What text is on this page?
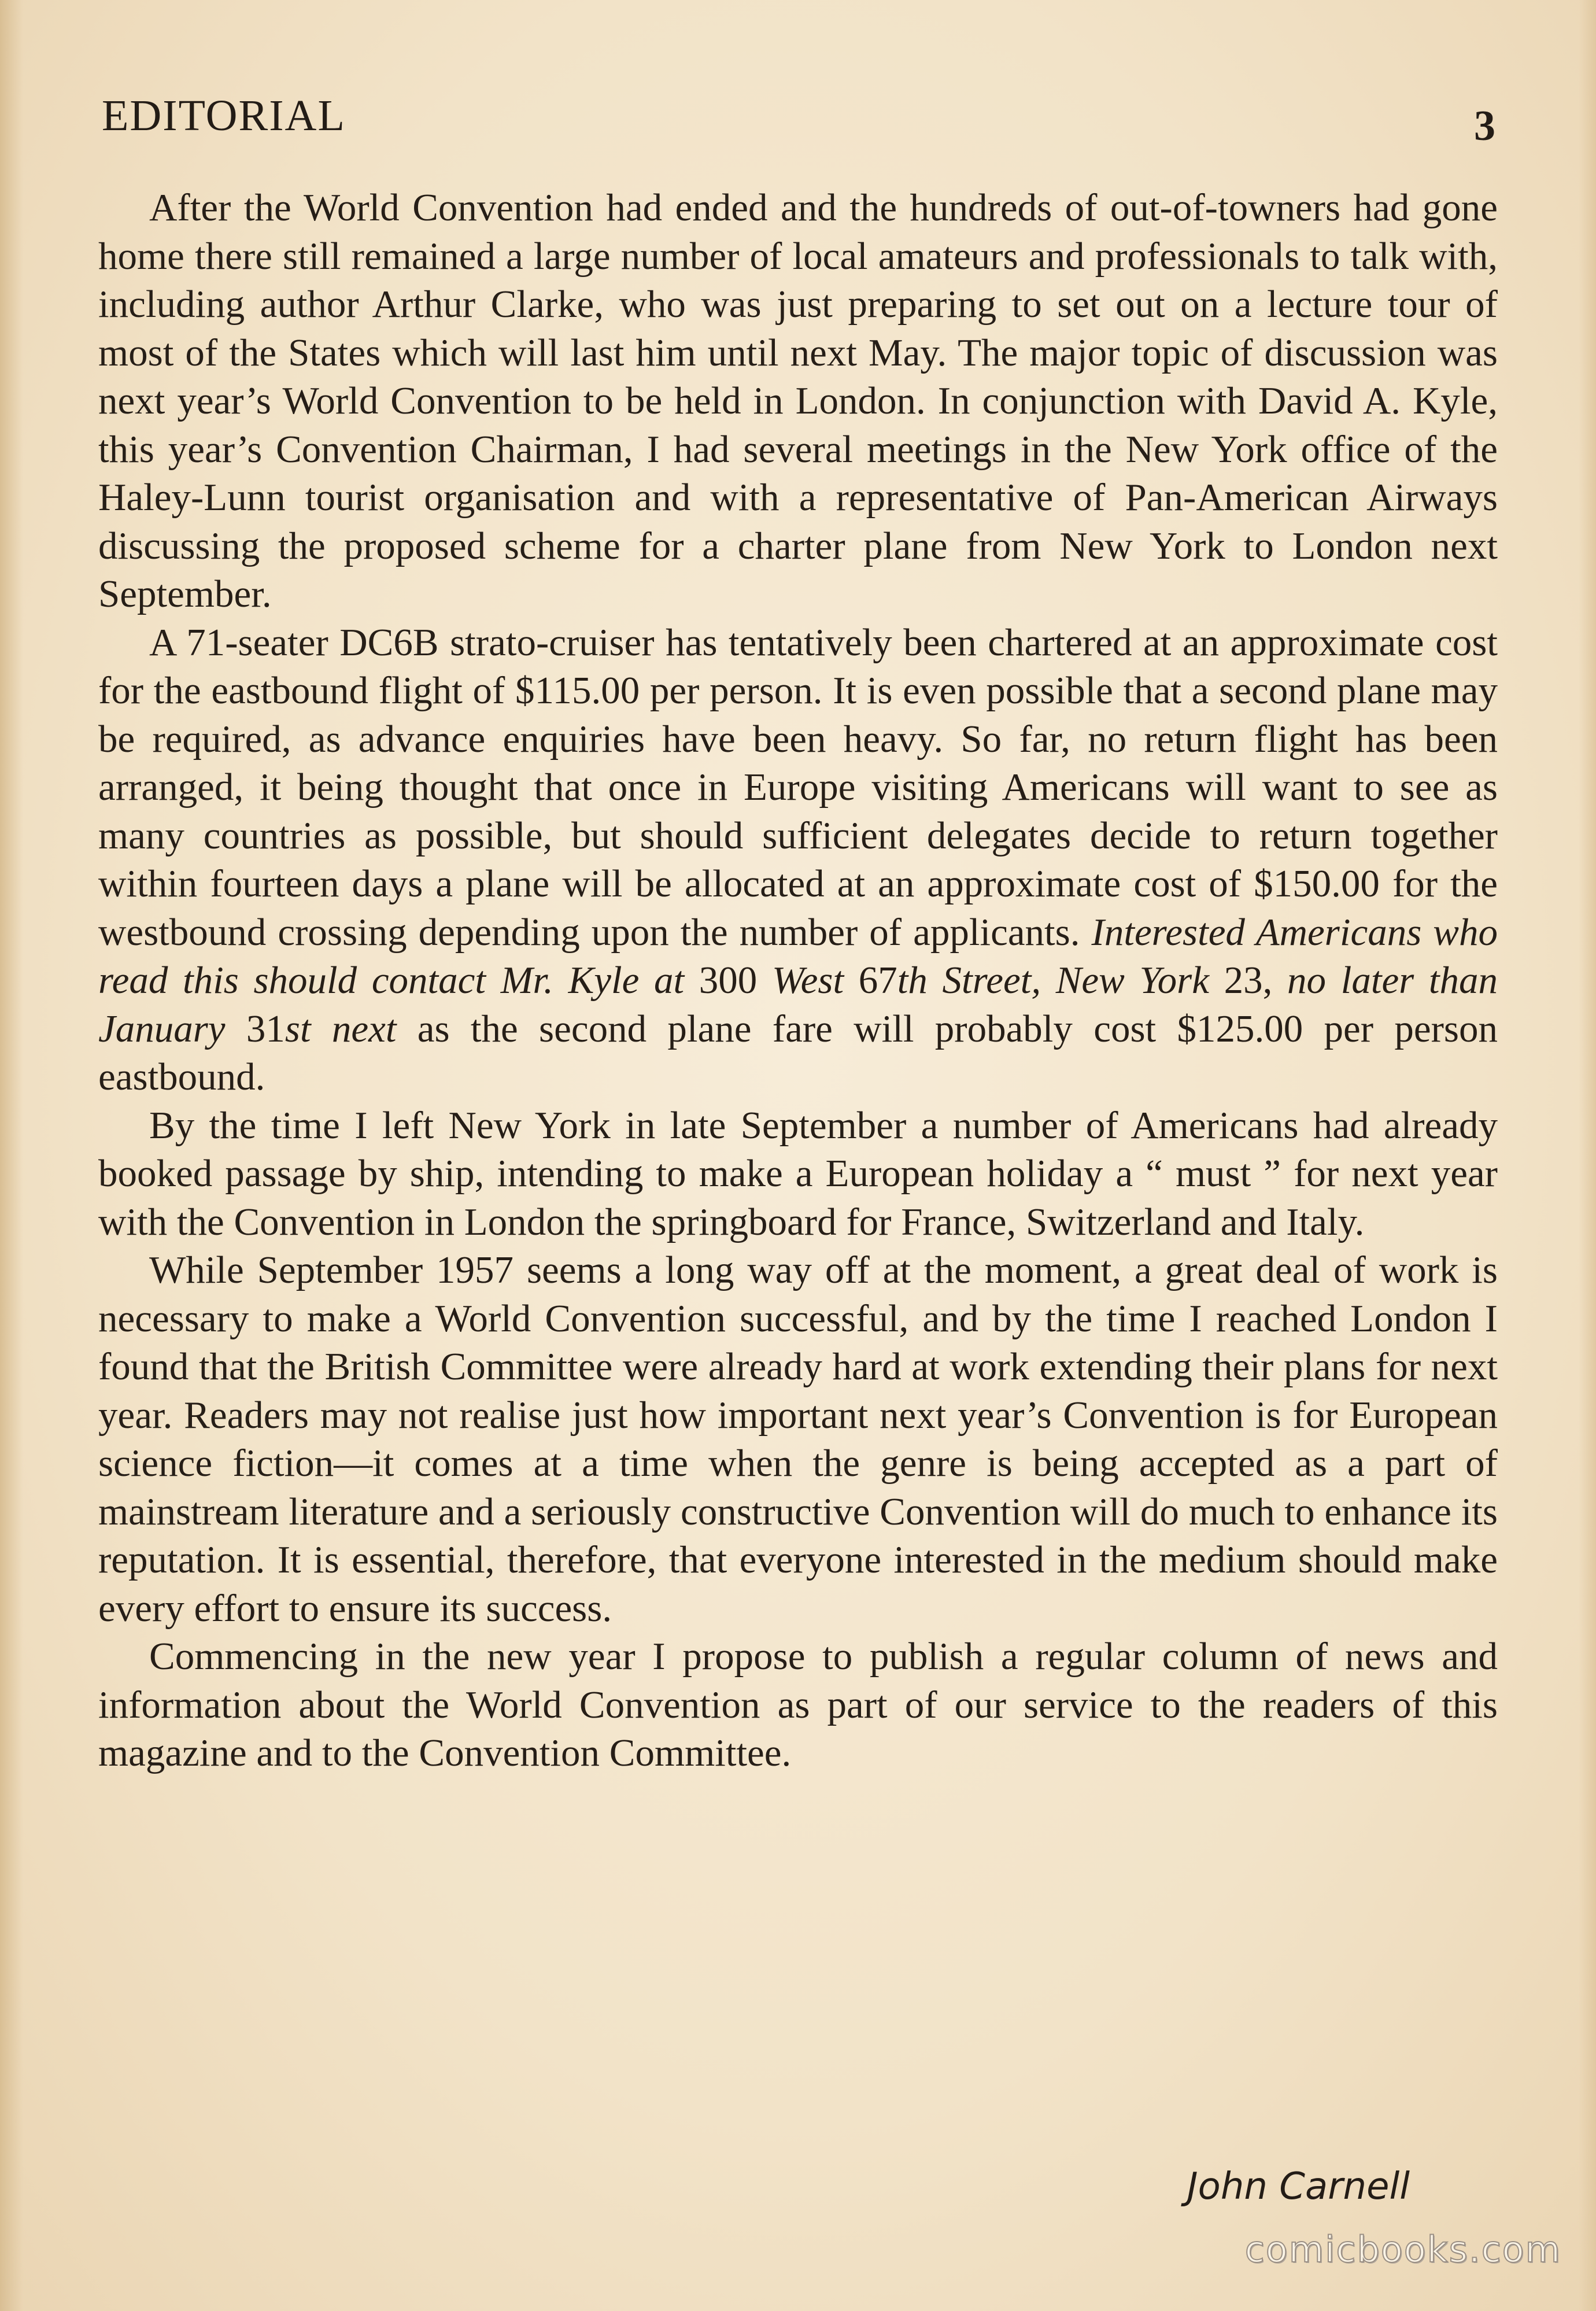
EDITORIAL	3

After the World Convention had ended and the hundreds of out-of-towners had gone home there still remained a large number of local amateurs and professionals to talk with, including author Arthur Clarke, who was just preparing to set out on a lecture tour of most of the States which will last him until next May. The major topic of discussion was next year’s World Convention to be held in London. In conjunction with David A. Kyle, this year’s Convention Chairman, I had several meetings in the New York office of the Haley-Lunn tourist organisation and with a representative of Pan-American Airways discussing the proposed scheme for a charter plane from New York to London next September.

A 71-seater DC6B strato-cruiser has tentatively been chartered at an approximate cost for the eastbound flight of $115.00 per person. It is even possible that a second plane may be required, as advance enquiries have been heavy. So far, no return flight has been arranged, it being thought that once in Europe visiting Americans will want to see as many countries as possible, but should sufficient delegates decide to return together within fourteen days a plane will be allocated at an approximate cost of $150.00 for the westbound crossing depending upon the number of applicants. Interested Americans who read this should contact Mr. Kyle at 300 West 67th Street, New York 23, no later than January 31st next as the second plane fare will probably cost $125.00 per person eastbound.

By the time I left New York in late September a number of Americans had already booked passage by ship, intending to make a European holiday a “ must ” for next year with the Convention in London the springboard for France, Switzerland and Italy.

While September 1957 seems a long way off at the moment, a great deal of work is necessary to make a World Convention successful, and by the time I reached London I found that the British Committee were already hard at work extending their plans for next year. Readers may not realise just how important next year’s Convention is for European science fiction—it comes at a time when the genre is being accepted as a part of mainstream literature and a seriously constructive Convention will do much to enhance its reputation. It is essential, therefore, that everyone interested in the medium should make every effort to ensure its success.

Commencing in the new year I propose to publish a regular column of news and information about the World Convention as part of our service to the readers of this magazine and to the Convention Committee.

John Carnell
comicbooks.com
